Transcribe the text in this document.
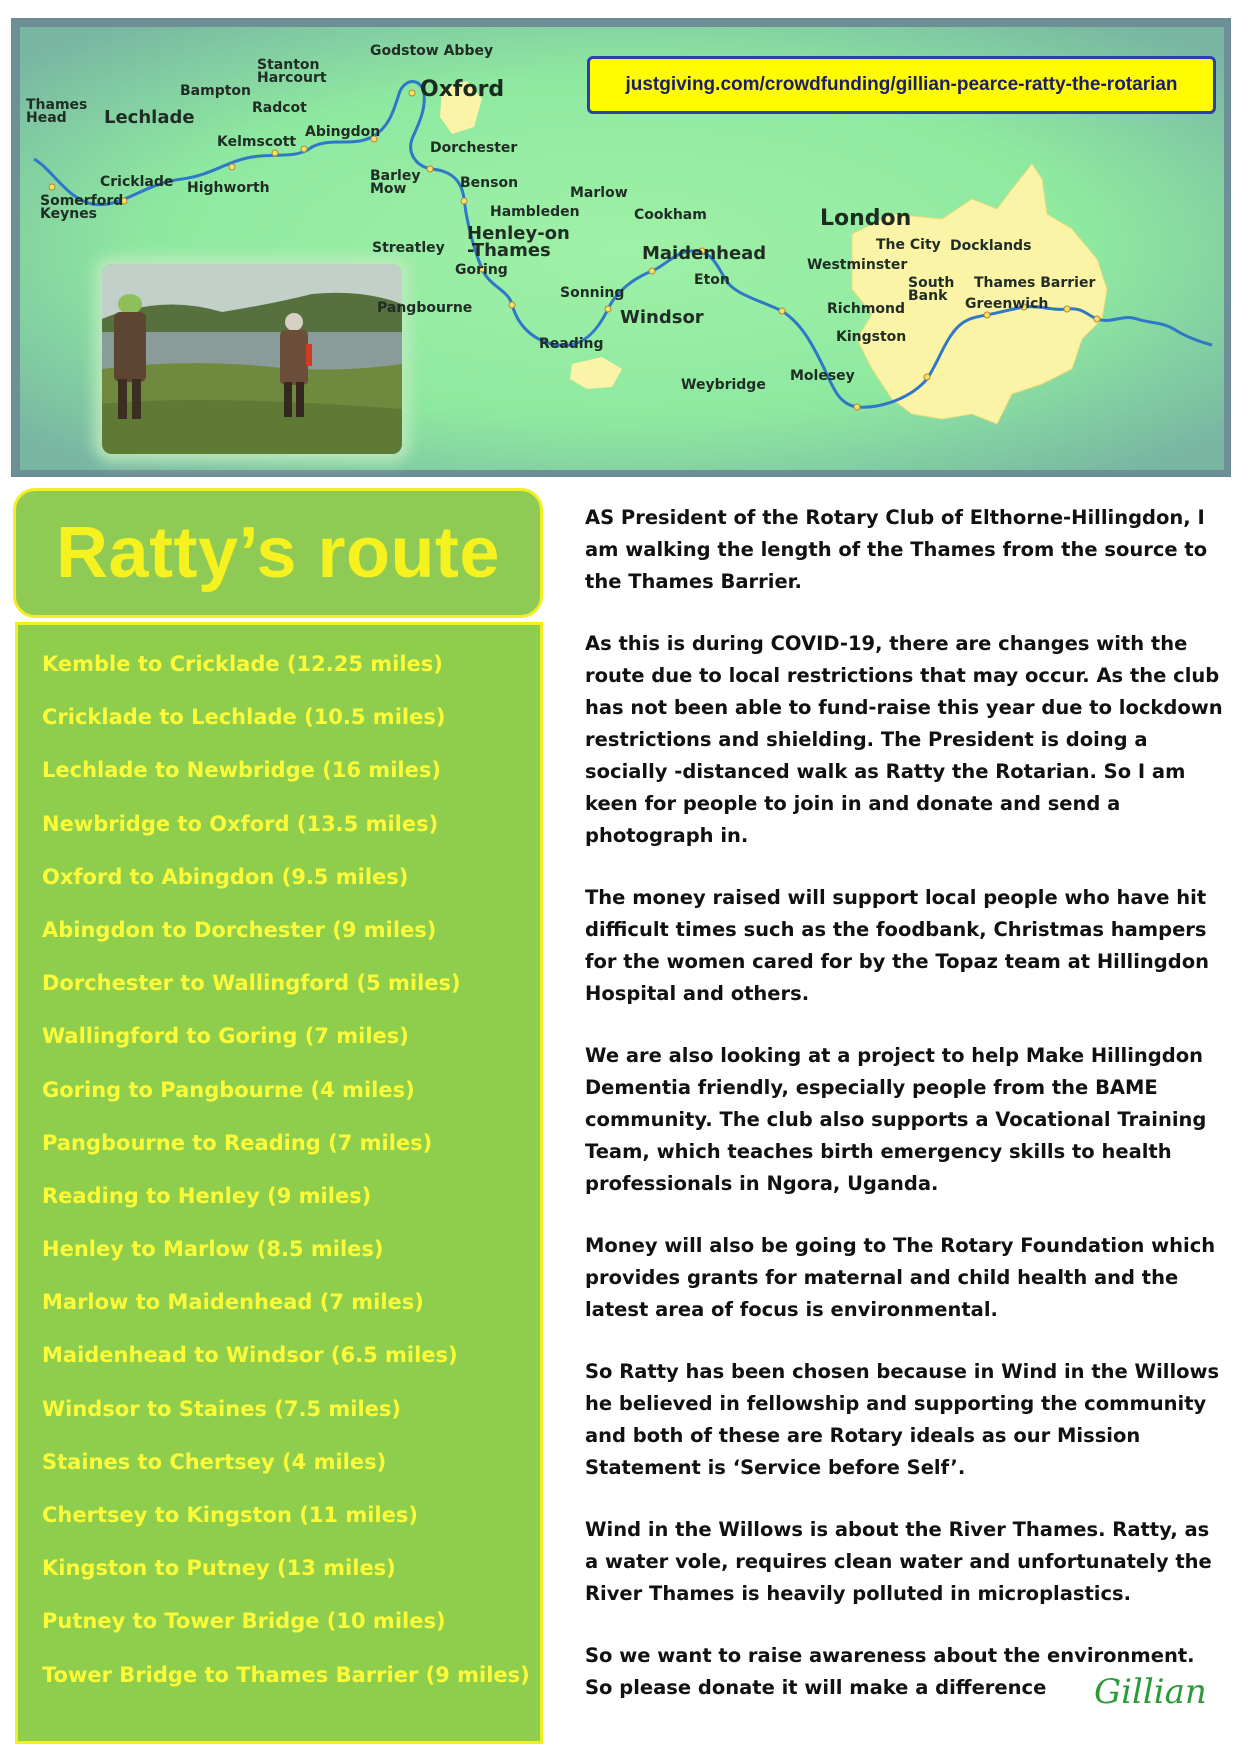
justgiving.com/crowdfunding/gillian-pearce-ratty-the-rotarian
Thames
Head	Lechlade
Bampton
Stanton
Harcourt
Godstow Abbey
Oxford
Radcot
Kelmscott
Abingdon
Dorchester
Cricklade Highworth
Somerford
Keynes
Barley
Mow	Benson
Marlow
Hambleden	Cookham
Henley-on
-Thames
Streatley
Goring
Maidenhead
Eton
Sonning
Windsor
Pangbourne
Reading
Weybridge
Molesey
London
The City Docklands
Westminster
South
Bank
Thames Barrier
Greenwich
Richmond
Kingston
Ratty’s route
Kemble to Cricklade (12.25 miles)
Cricklade to Lechlade (10.5 miles)
Lechlade to Newbridge (16 miles)
Newbridge to Oxford (13.5 miles)
Oxford to Abingdon (9.5 miles)
Abingdon to Dorchester (9 miles)
Dorchester to Wallingford (5 miles)
Wallingford to Goring (7 miles)
Goring to Pangbourne (4 miles)
Pangbourne to Reading (7 miles)
Reading to Henley (9 miles)
Henley to Marlow (8.5 miles)
Marlow to Maidenhead (7 miles)
Maidenhead to Windsor (6.5 miles)
Windsor to Staines (7.5 miles)
Staines to Chertsey (4 miles)
Chertsey to Kingston (11 miles)
Kingston to Putney (13 miles)
Putney to Tower Bridge (10 miles)
Tower Bridge to Thames Barrier (9 miles)

AS President of the Rotary Club of Elthorne-Hillingdon, I am walking the length of the Thames from the source to the Thames Barrier.

As this is during COVID-19, there are changes with the route due to local restrictions that may occur. As the club has not been able to fund-raise this year due to lockdown restrictions and shielding. The President is doing a socially -distanced walk as Ratty the Rotarian. So I am keen for people to join in and donate and send a photograph in.

The money raised will support local people who have hit difficult times such as the foodbank, Christmas hampers for the women cared for by the Topaz team at Hillingdon Hospital and others.

We are also looking at a project to help Make Hillingdon Dementia friendly, especially people from the BAME community. The club also supports a Vocational Training Team, which teaches birth emergency skills to health professionals in Ngora, Uganda.

Money will also be going to The Rotary Foundation which provides grants for maternal and child health and the latest area of focus is environmental.

So Ratty has been chosen because in Wind in the Willows he believed in fellowship and supporting the community and both of these are Rotary ideals as our Mission Statement is ‘Service before Self’.

Wind in the Willows is about the River Thames. Ratty, as a water vole, requires clean water and unfortunately the River Thames is heavily polluted in microplastics.

So we want to raise awareness about the environment. So please donate it will make a difference	Gillian
